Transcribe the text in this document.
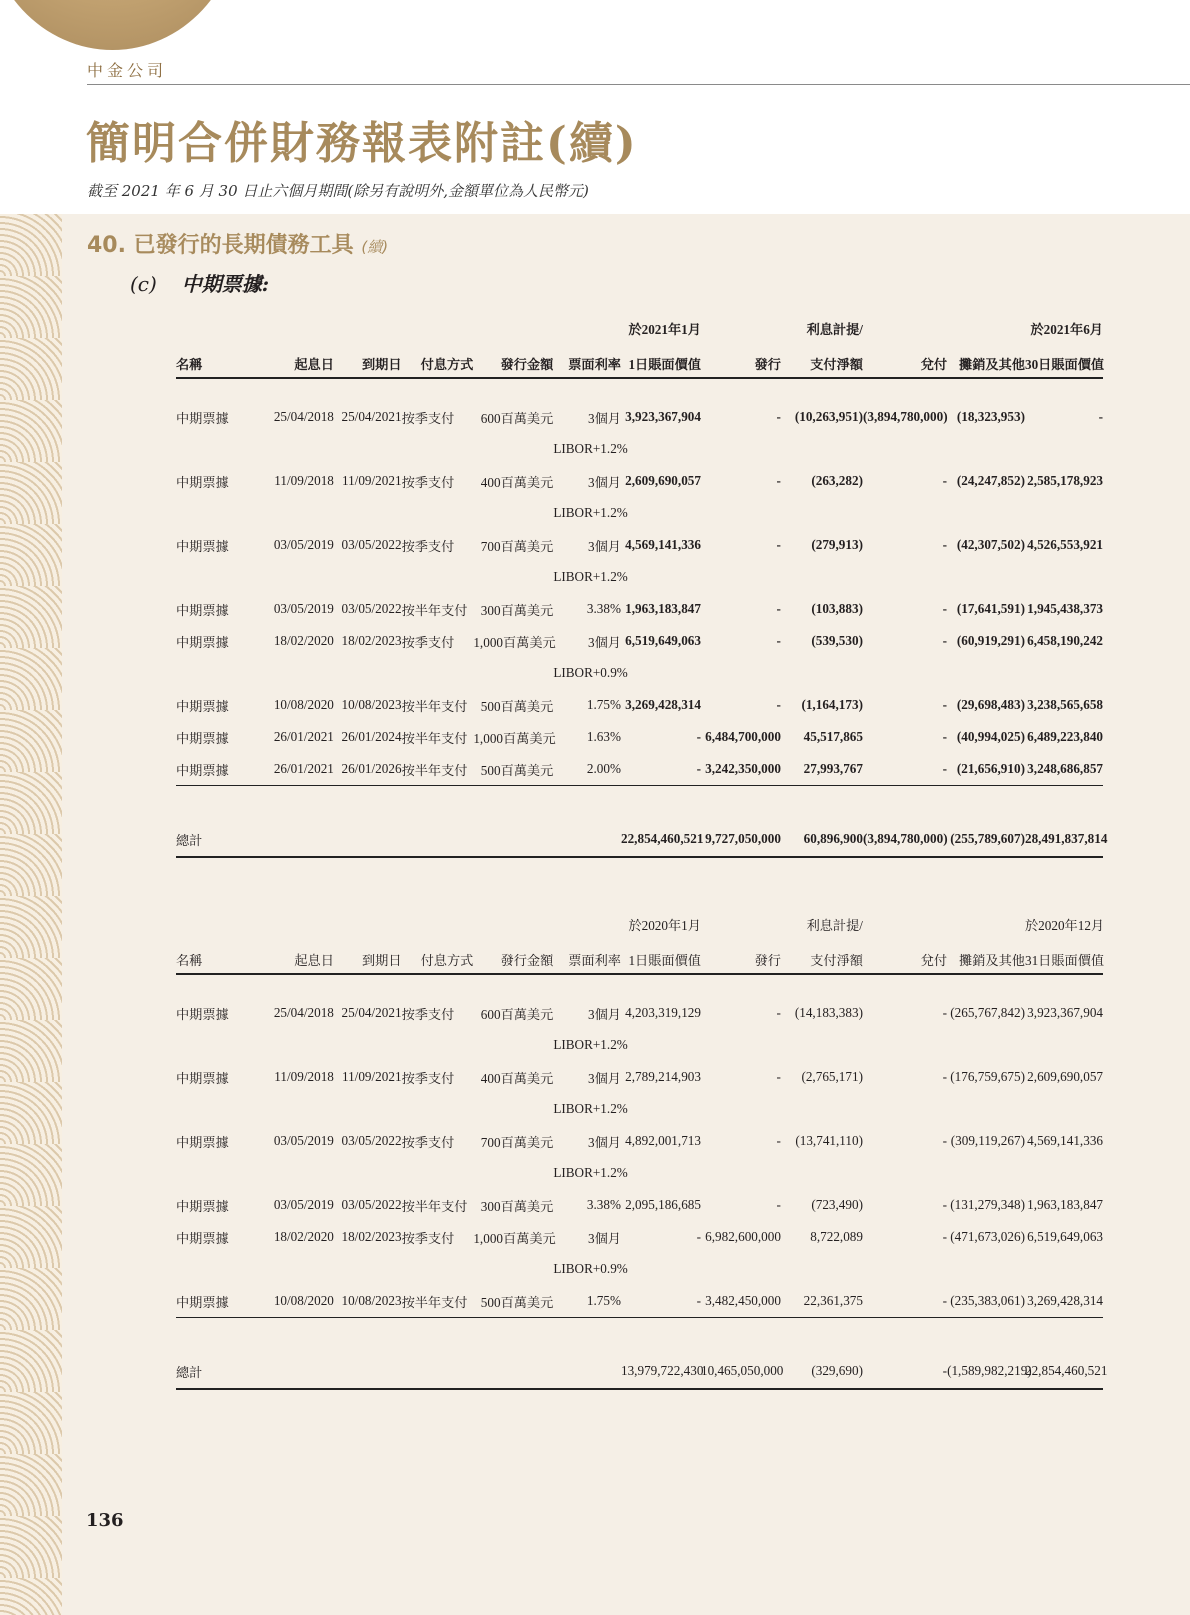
中金公司
簡明合併財務報表附註(續)
截至 2021 年 6 月 30 日止六個月期間(除另有說明外,金額單位為人民幣元)
40. 已發行的長期債務工具 (續)
(c) 中期票據:
						於2021年1月		利息計提/			於2021年6月
名稱	起息日	到期日	付息方式	發行金額	票面利率	1日賬面價值	發行	支付淨額	兌付	攤銷及其他	30日賬面價值

中期票據	25/04/2018	25/04/2021	按季支付	600百萬美元	3個月	3,923,367,904	-	(10,263,951)	(3,894,780,000)	(18,323,953)	-
					LIBOR+1.2%						
中期票據	11/09/2018	11/09/2021	按季支付	400百萬美元	3個月	2,609,690,057	-	(263,282)	-	(24,247,852)	2,585,178,923
					LIBOR+1.2%						
中期票據	03/05/2019	03/05/2022	按季支付	700百萬美元	3個月	4,569,141,336	-	(279,913)	-	(42,307,502)	4,526,553,921
					LIBOR+1.2%						
中期票據	03/05/2019	03/05/2022	按半年支付	300百萬美元	3.38%	1,963,183,847	-	(103,883)	-	(17,641,591)	1,945,438,373
中期票據	18/02/2020	18/02/2023	按季支付	1,000百萬美元	3個月	6,519,649,063	-	(539,530)	-	(60,919,291)	6,458,190,242
					LIBOR+0.9%						
中期票據	10/08/2020	10/08/2023	按半年支付	500百萬美元	1.75%	3,269,428,314	-	(1,164,173)	-	(29,698,483)	3,238,565,658
中期票據	26/01/2021	26/01/2024	按半年支付	1,000百萬美元	1.63%	-	6,484,700,000	45,517,865	-	(40,994,025)	6,489,223,840
中期票據	26/01/2021	26/01/2026	按半年支付	500百萬美元	2.00%	-	3,242,350,000	27,993,767	-	(21,656,910)	3,248,686,857

總計						22,854,460,521	9,727,050,000	60,896,900	(3,894,780,000)	(255,789,607)	28,491,837,814
						於2020年1月		利息計提/			於2020年12月
名稱	起息日	到期日	付息方式	發行金額	票面利率	1日賬面價值	發行	支付淨額	兌付	攤銷及其他	31日賬面價值

中期票據	25/04/2018	25/04/2021	按季支付	600百萬美元	3個月	4,203,319,129	-	(14,183,383)	-	(265,767,842)	3,923,367,904
					LIBOR+1.2%						
中期票據	11/09/2018	11/09/2021	按季支付	400百萬美元	3個月	2,789,214,903	-	(2,765,171)	-	(176,759,675)	2,609,690,057
					LIBOR+1.2%						
中期票據	03/05/2019	03/05/2022	按季支付	700百萬美元	3個月	4,892,001,713	-	(13,741,110)	-	(309,119,267)	4,569,141,336
					LIBOR+1.2%						
中期票據	03/05/2019	03/05/2022	按半年支付	300百萬美元	3.38%	2,095,186,685	-	(723,490)	-	(131,279,348)	1,963,183,847
中期票據	18/02/2020	18/02/2023	按季支付	1,000百萬美元	3個月	-	6,982,600,000	8,722,089	-	(471,673,026)	6,519,649,063
					LIBOR+0.9%						
中期票據	10/08/2020	10/08/2023	按半年支付	500百萬美元	1.75%	-	3,482,450,000	22,361,375	-	(235,383,061)	3,269,428,314

總計						13,979,722,430	10,465,050,000	(329,690)	-	(1,589,982,219)	22,854,460,521
136
